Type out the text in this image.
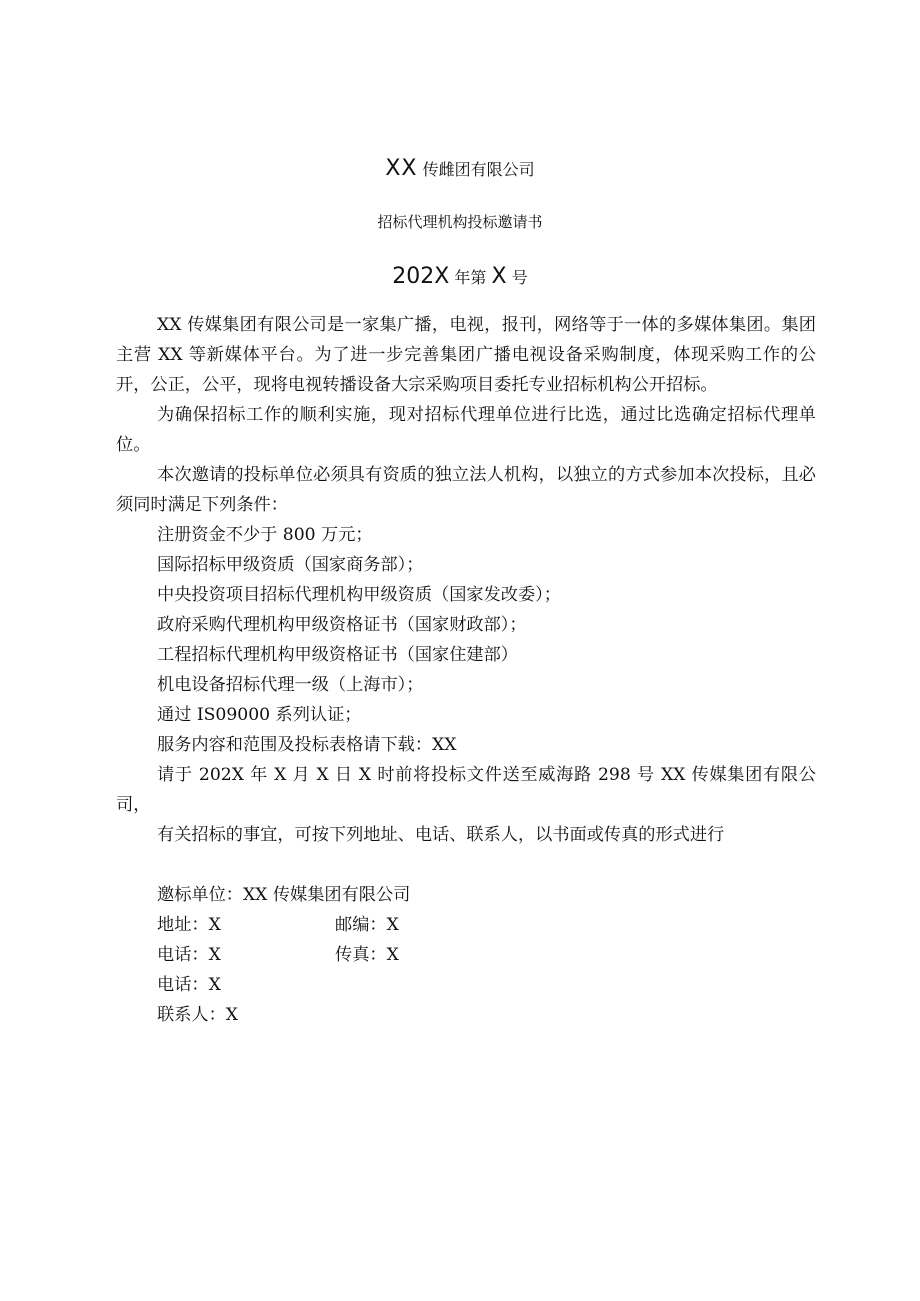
XX 传雌团有限公司
招标代理机构投标邀请书
202X 年第 X 号

XX 传媒集团有限公司是一家集广播，电视，报刊，网络等于一体的多媒体集团。集团主营 XX 等新媒体平台。为了进一步完善集团广播电视设备采购制度，体现采购工作的公开，公正，公平，现将电视转播设备大宗采购项目委托专业招标机构公开招标。

为确保招标工作的顺利实施，现对招标代理单位进行比选，通过比选确定招标代理单位。

本次邀请的投标单位必须具有资质的独立法人机构，以独立的方式参加本次投标，且必须同时满足下列条件：

注册资金不少于 800 万元；

国际招标甲级资质（国家商务部）；

中央投资项目招标代理机构甲级资质（国家发改委）；

政府采购代理机构甲级资格证书（国家财政部）；

工程招标代理机构甲级资格证书（国家住建部）

机电设备招标代理一级（上海市）；

通过 IS09000 系列认证；

服务内容和范围及投标表格请下载：XX

请于 202X 年 X 月 X 日 X 时前将投标文件送至威海路 298 号 XX 传媒集团有限公司，

有关招标的事宜，可按下列地址、电话、联系人，以书面或传真的形式进行

邀标单位：XX 传媒集团有限公司

地址：X	邮编：X
电话：X	传真：X

电话：X

联系人：X
